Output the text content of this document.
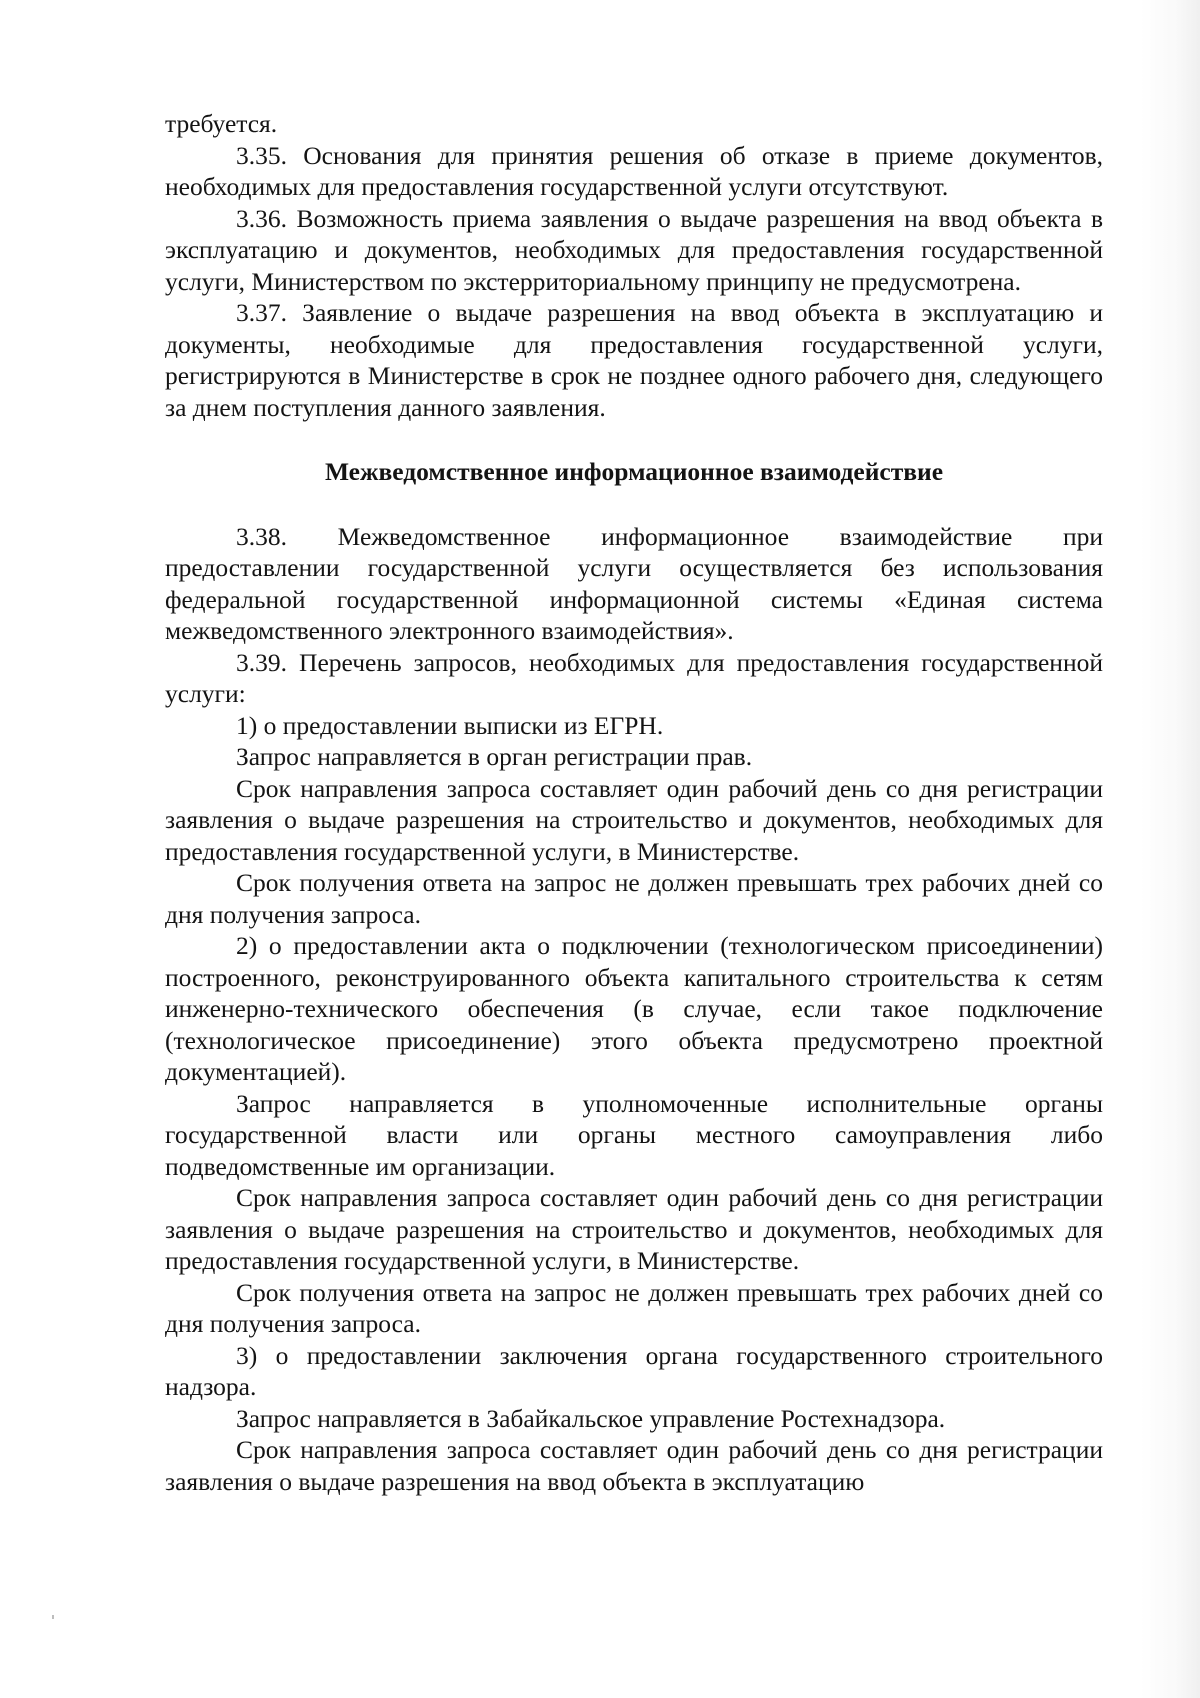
требуется.

3.35. Основания для принятия решения об отказе в приеме документов, необходимых для предоставления государственной услуги отсутствуют.

3.36. Возможность приема заявления о выдаче разрешения на ввод объекта в эксплуатацию и документов, необходимых для предоставления государственной услуги, Министерством по экстерриториальному принципу не предусмотрена.

3.37. Заявление о выдаче разрешения на ввод объекта в эксплуатацию и документы, необходимые для предоставления государственной услуги, регистрируются в Министерстве в срок не позднее одного рабочего дня, следующего за днем поступления данного заявления.

Межведомственное информационное взаимодействие

3.38. Межведомственное информационное взаимодействие при предоставлении государственной услуги осуществляется без использования федеральной государственной информационной системы «Единая система межведомственного электронного взаимодействия».

3.39. Перечень запросов, необходимых для предоставления государственной услуги:

1) о предоставлении выписки из ЕГРН.

Запрос направляется в орган регистрации прав.

Срок направления запроса составляет один рабочий день со дня регистрации заявления о выдаче разрешения на строительство и документов, необходимых для предоставления государственной услуги, в Министерстве.

Срок получения ответа на запрос не должен превышать трех рабочих дней со дня получения запроса.

2) о предоставлении акта о подключении (технологическом присоединении) построенного, реконструированного объекта капитального строительства к сетям инженерно-технического обеспечения (в случае, если такое подключение (технологическое присоединение) этого объекта предусмотрено проектной документацией).

Запрос направляется в уполномоченные исполнительные органы государственной власти или органы местного самоуправления либо подведомственные им организации.

Срок направления запроса составляет один рабочий день со дня регистрации заявления о выдаче разрешения на строительство и документов, необходимых для предоставления государственной услуги, в Министерстве.

Срок получения ответа на запрос не должен превышать трех рабочих дней со дня получения запроса.

3) о предоставлении заключения органа государственного строительного надзора.

Запрос направляется в Забайкальское управление Ростехнадзора.

Срок направления запроса составляет один рабочий день со дня регистрации заявления о выдаче разрешения на ввод объекта в эксплуатацию
